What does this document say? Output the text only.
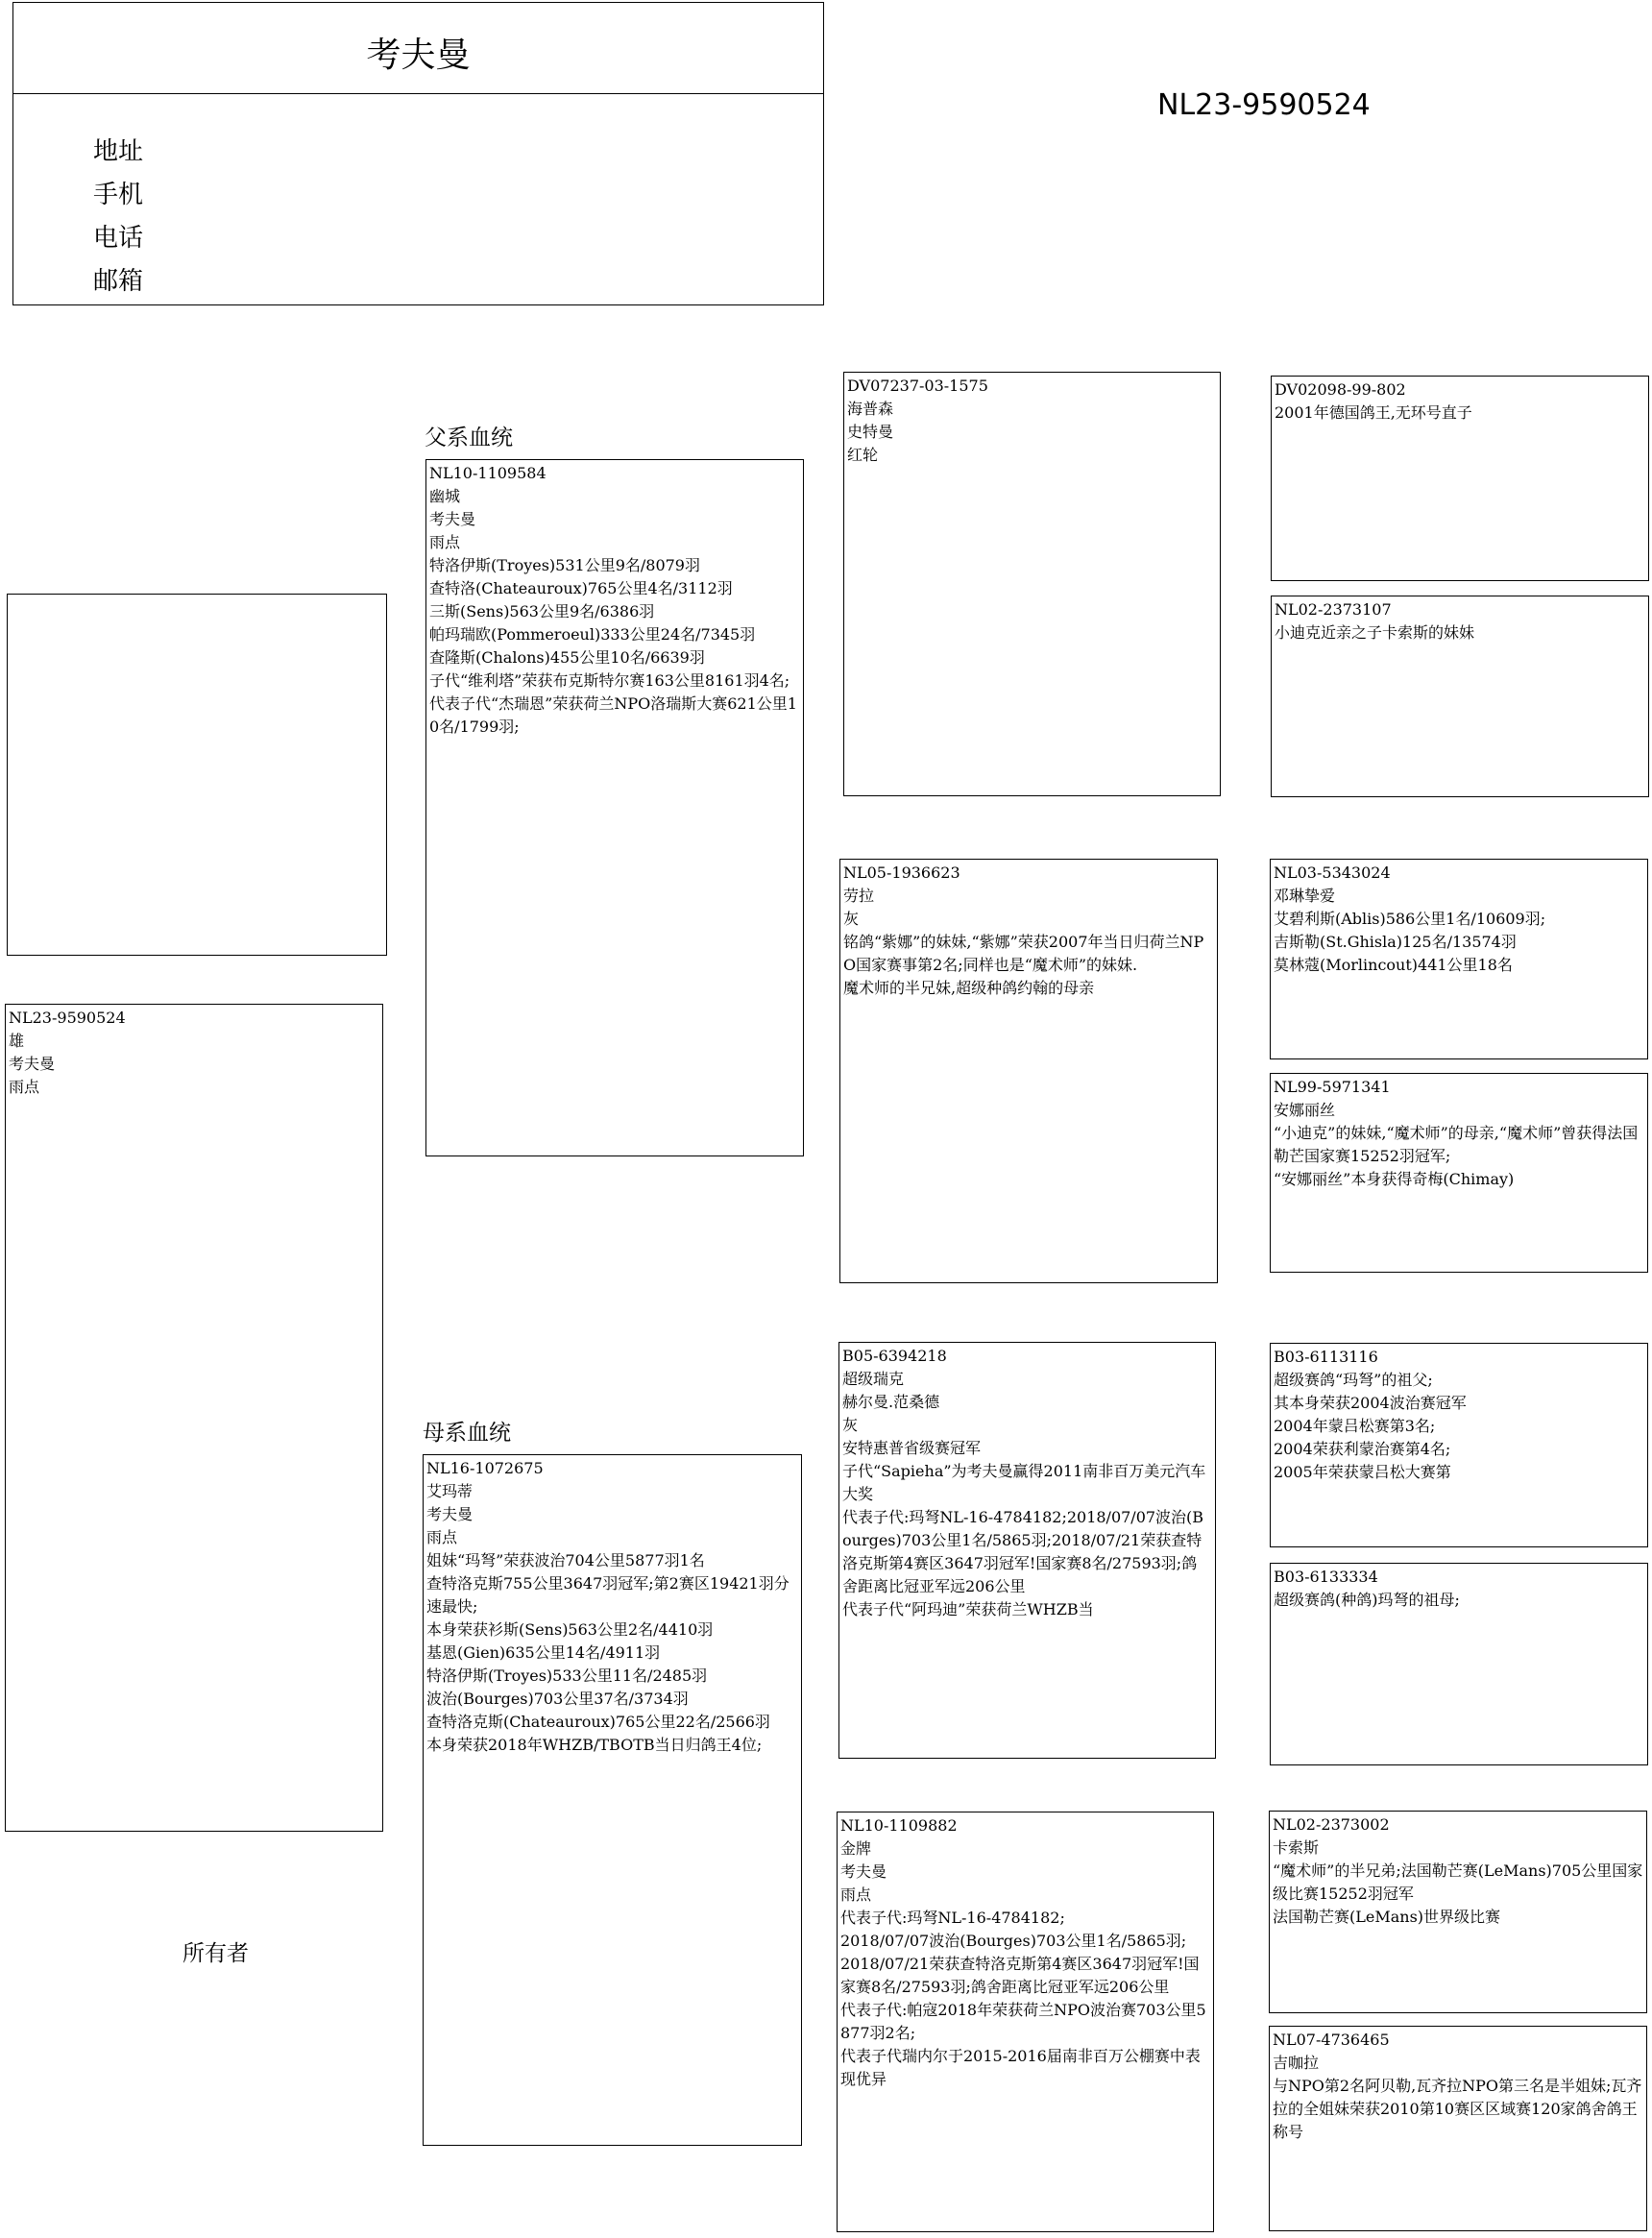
考夫曼
地址
手机
电话
邮箱
NL23-9590524
父系血统
母系血统
所有者
NL23-9590524
雄
考夫曼
雨点
NL10-1109584
幽城
考夫曼
雨点
特洛伊斯(Troyes)531公里9名/8079羽
查特洛(Chateauroux)765公里4名/3112羽
三斯(Sens)563公里9名/6386羽
帕玛瑞欧(Pommeroeul)333公里24名/7345羽
查隆斯(Chalons)455公里10名/6639羽
子代“维利塔”荣获布克斯特尔赛163公里8161羽4名;
代表子代“杰瑞恩”荣获荷兰NPO洛瑞斯大赛621公里10名/1799羽;
NL16-1072675
艾玛蒂
考夫曼
雨点
姐妹“玛弩”荣获波治704公里5877羽1名
查特洛克斯755公里3647羽冠军;第2赛区19421羽分速最快;
本身荣获衫斯(Sens)563公里2名/4410羽
基恩(Gien)635公里14名/4911羽
特洛伊斯(Troyes)533公里11名/2485羽
波治(Bourges)703公里37名/3734羽
查特洛克斯(Chateauroux)765公里22名/2566羽
本身荣获2018年WHZB/TBOTB当日归鸽王4位;
DV07237-03-1575
海普森
史特曼
红轮
NL05-1936623
劳拉
灰
铭鸽“紫娜”的妹妹,“紫娜”荣获2007年当日归荷兰NPO国家赛事第2名;同样也是“魔术师”的妹妹.
魔术师的半兄妹,超级种鸽约翰的母亲
B05-6394218
超级瑞克
赫尔曼.范桑德
灰
安特惠普省级赛冠军
子代“Sapieha”为考夫曼赢得2011南非百万美元汽车大奖
代表子代:玛弩NL-16-4784182;2018/07/07波治(Bourges)703公里1名/5865羽;2018/07/21荣获查特洛克斯第4赛区3647羽冠军!国家赛8名/27593羽;鸽舍距离比冠亚军远206公里
代表子代“阿玛迪”荣获荷兰WHZB当
NL10-1109882
金牌
考夫曼
雨点
代表子代:玛弩NL-16-4784182;
2018/07/07波治(Bourges)703公里1名/5865羽;
2018/07/21荣获查特洛克斯第4赛区3647羽冠军!国家赛8名/27593羽;鸽舍距离比冠亚军远206公里
代表子代:帕寇2018年荣获荷兰NPO波治赛703公里5877羽2名;
代表子代瑞内尔于2015-2016届南非百万公棚赛中表现优异
DV02098-99-802
2001年德国鸽王,无环号直子
NL02-2373107
小迪克近亲之子卡索斯的妹妹
NL03-5343024
邓琳挚爱
艾碧利斯(Ablis)586公里1名/10609羽;
吉斯勒(St.Ghisla)125名/13574羽
莫林蔻(Morlincout)441公里18名
NL99-5971341
安娜丽丝
“小迪克”的妹妹,“魔术师”的母亲,“魔术师”曾获得法国勒芒国家赛15252羽冠军;
“安娜丽丝”本身获得奇梅(Chimay)
B03-6113116
超级赛鸽“玛弩”的祖父;
其本身荣获2004波治赛冠军
2004年蒙吕松赛第3名;
2004荣获利蒙治赛第4名;
2005年荣获蒙吕松大赛第
B03-6133334
超级赛鸽(种鸽)玛弩的祖母;
NL02-2373002
卡索斯
“魔术师”的半兄弟;法国勒芒赛(LeMans)705公里国家级比赛15252羽冠军
法国勒芒赛(LeMans)世界级比赛
NL07-4736465
吉咖拉
与NPO第2名阿贝勒,瓦齐拉NPO第三名是半姐妹;瓦齐拉的全姐妹荣获2010第10赛区区域赛120家鸽舍鸽王称号
